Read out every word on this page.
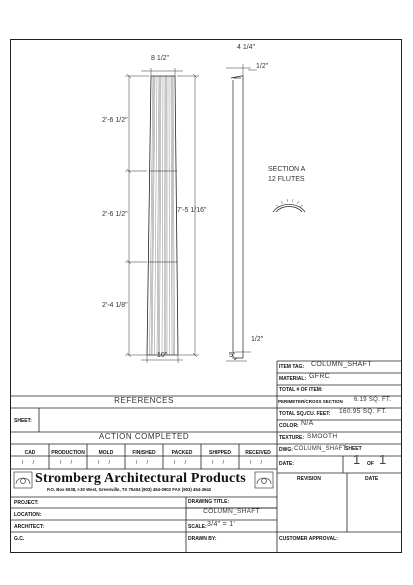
8 1/2"
2'-6 1/2"
2'-6 1/2"
2'-4 1/8"
7'-5 1/16"
10"
4 1/4"
1/2"
1/2"
5"
SECTION A
12 FLUTES
ITEM TAG: COLUMN_SHAFT
MATERIAL: GFRC
TOTAL # OF ITEM:
PERIMETER/CROSS SECTION 6.19 SQ. FT.
TOTAL SQ./CU. FEET: 160.95 SQ. FT.
COLOR: N/A
TEXTURE: SMOOTH
DWG: COLUMN_SHAFT
SHEET
1 OF 1
REVISION	DATE
CUSTOMER APPROVAL:
REFERENCES
SHEET:
ACTION COMPLETED
CAD	PRODUCTION	MOLD	FINISHED	PACKED	SHIPPED	RECEIVED
/ /	/ /	/ /	/ /	/ /	/ /	/ /	DATE:
Stromberg Architectural Products
P.O. Box 6038, I-30 West, Greenville, TX 75404 (903) 454-0902 FAX (903) 454-3642
PROJECT:
LOCATION:
ARCHITECT:
G.C.
DRAWING TITLE:
COLUMN_SHAFT
SCALE: 3/4" = 1'
DRAWN BY:
